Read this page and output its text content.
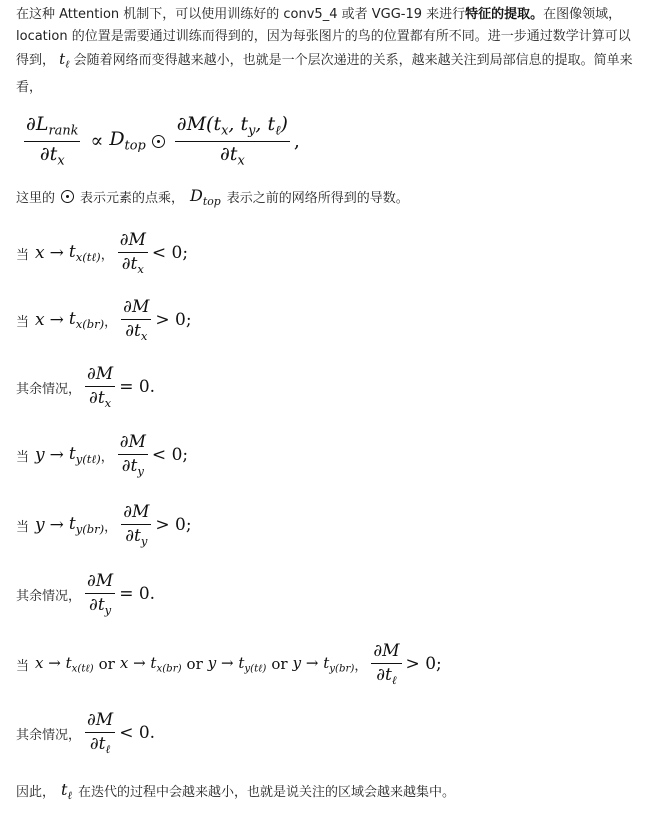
在这种 Attention 机制下，可以使用训练好的 conv5_4 或者 VGG-19 来进行特征的提取。在图像领域，location 的位置是需要通过训练而得到的，因为每张图片的鸟的位置都有所不同。进一步通过数学计算可以得到， $t_\ell$ 会随着网络而变得越来越小，也就是一个层次递进的关系，越来越关注到局部信息的提取。简单来看，
$\frac{\partial L_{rank}}{\partial t_x} \propto D_{top} \frac{\partial M(t_x, t_y, t_\ell)}{\partial t_x}$ ,
这里的 表示元素的点乘， $D_{top}$ 表示之前的网络所得到的导数。
当 $x \to t_{x(t\ell)}$ ， $\frac{\partial M}{\partial t_x} < 0$;
当 $x \to t_{x(br)}$ ， $\frac{\partial M}{\partial t_x} > 0$;
其余情况， $\frac{\partial M}{\partial t_x} = 0$.
当 $y \to t_{y(t\ell)}$ ， $\frac{\partial M}{\partial t_y} < 0$;
当 $y \to t_{y(br)}$ ， $\frac{\partial M}{\partial t_y} > 0$;
其余情况， $\frac{\partial M}{\partial t_y} = 0$.
当 $x \to t_{x(t\ell)}$ or $x \to t_{x(br)}$ or $y \to t_{y(t\ell)}$ or $y \to t_{y(br)}$ ， $\frac{\partial M}{\partial t_\ell} > 0$;
其余情况， $\frac{\partial M}{\partial t_\ell} < 0$.
因此， $t_\ell$ 在迭代的过程中会越来越小，也就是说关注的区域会越来越集中。
